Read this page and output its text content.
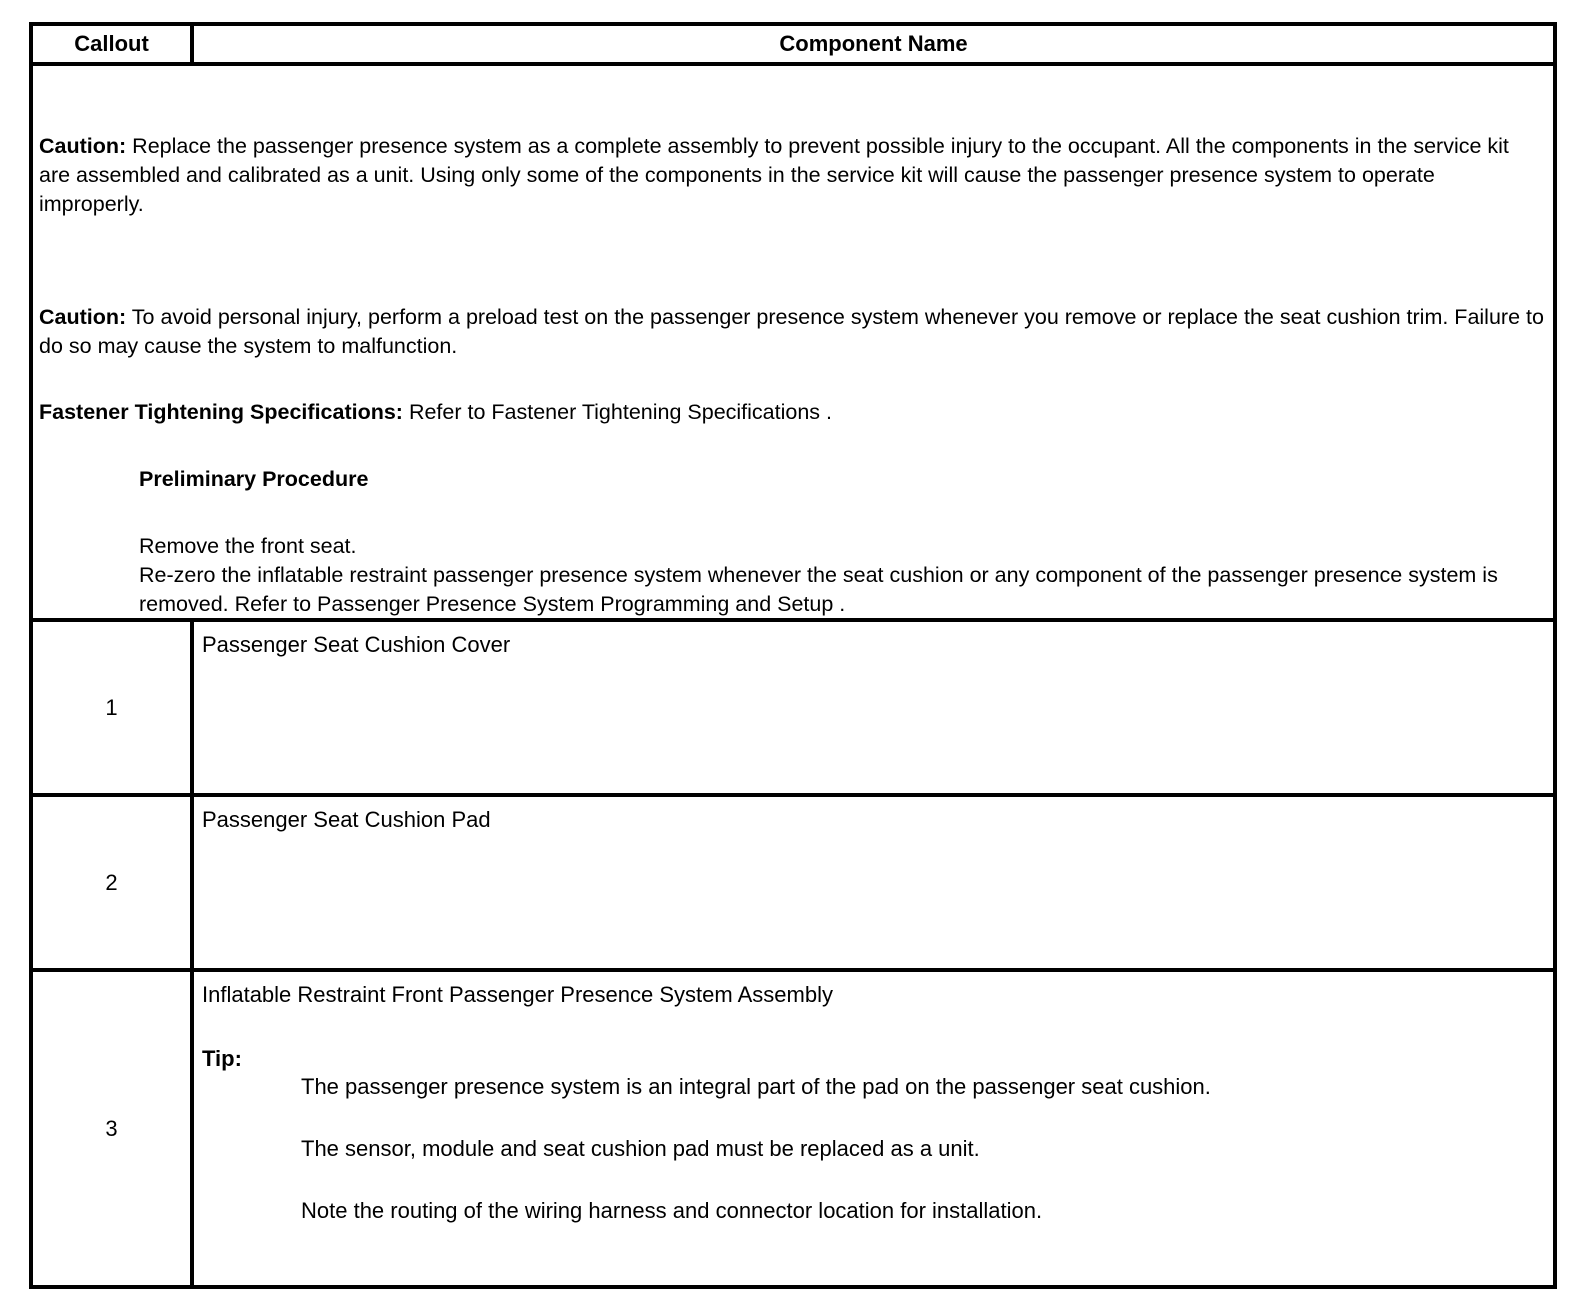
Callout	Component Name

Caution: Replace the passenger presence system as a complete assembly to prevent possible injury to the occupant. All the components in the service kit are assembled and calibrated as a unit. Using only some of the components in the service kit will cause the passenger presence system to operate improperly.

Caution: To avoid personal injury, perform a preload test on the passenger presence system whenever you remove or replace the seat cushion trim. Failure to do so may cause the system to malfunction.

Fastener Tightening Specifications: Refer to Fastener Tightening Specifications .

Preliminary Procedure

Remove the front seat.

Re-zero the inflatable restraint passenger presence system whenever the seat cushion or any component of the passenger presence system is removed. Refer to Passenger Presence System Programming and Setup .

1
Passenger Seat Cushion Cover
2
Passenger Seat Cushion Pad
3
Inflatable Restraint Front Passenger Presence System Assembly
Tip:
The passenger presence system is an integral part of the pad on the passenger seat cushion.
The sensor, module and seat cushion pad must be replaced as a unit.
Note the routing of the wiring harness and connector location for installation.
